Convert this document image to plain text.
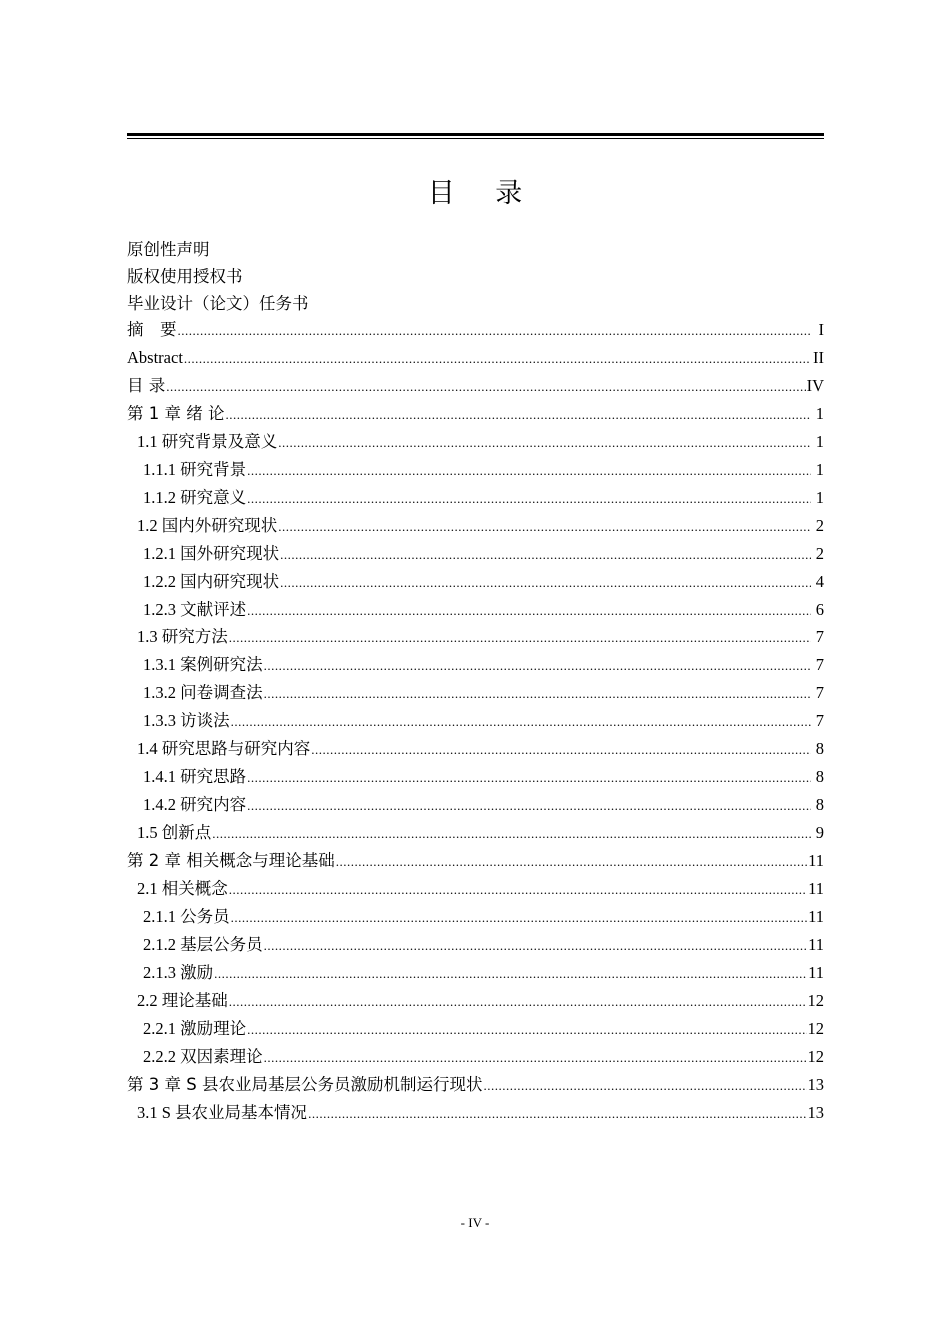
目 录
原创性声明
版权使用授权书
毕业设计（论文）任务书
摘　要 .....	I
Abstract .....	II
目 录 .....	IV
第 1 章 绪 论 .....	1
1.1 研究背景及意义 .....	1
1.1.1 研究背景 .....	1
1.1.2 研究意义 .....	1
1.2 国内外研究现状 .....	2
1.2.1 国外研究现状 .....	2
1.2.2 国内研究现状 .....	4
1.2.3 文献评述 .....	6
1.3 研究方法 .....	7
1.3.1 案例研究法 .....	7
1.3.2 问卷调查法 .....	7
1.3.3 访谈法 .....	7
1.4 研究思路与研究内容 .....	8
1.4.1 研究思路 .....	8
1.4.2 研究内容 .....	8
1.5 创新点 .....	9
第 2 章 相关概念与理论基础 .....	11
2.1 相关概念 .....	11
2.1.1 公务员 .....	11
2.1.2 基层公务员 .....	11
2.1.3 激励 .....	11
2.2 理论基础 .....	12
2.2.1 激励理论 .....	12
2.2.2 双因素理论 .....	12
第 3 章 S 县农业局基层公务员激励机制运行现状 .....	13
3.1 S 县农业局基本情况 .....	13
- IV -
